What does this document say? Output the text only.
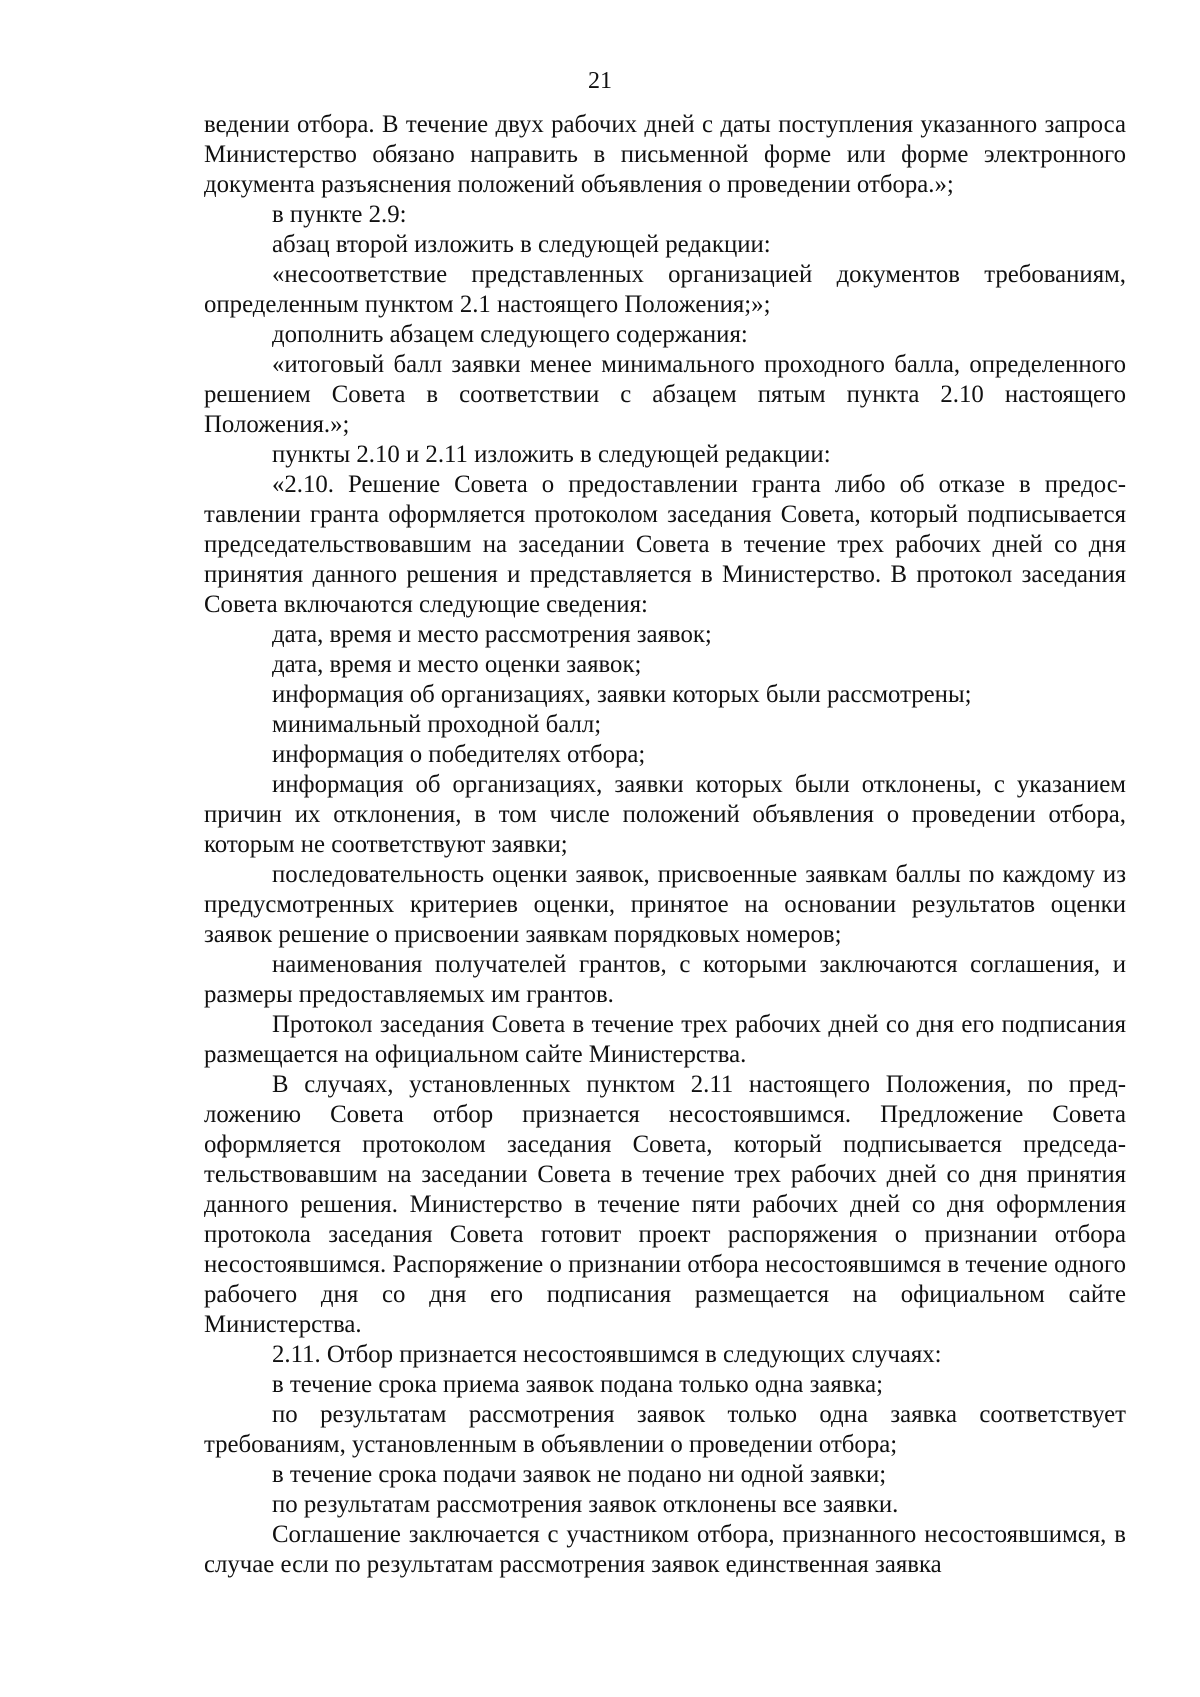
21

ведении отбора. В течение двух рабочих дней с даты поступления указанного запроса Министерство обязано направить в письменной форме или форме электронного документа разъяснения положений объявления о проведении отбора.»;

в пункте 2.9:

абзац второй изложить в следующей редакции:

«несоответствие представленных организацией документов требованиям, определенным пунктом 2.1 настоящего Положения;»;

дополнить абзацем следующего содержания:

«итоговый балл заявки менее минимального проходного балла, определенного решением Совета в соответствии с абзацем пятым пункта 2.10 настоящего Положения.»;

пункты 2.10 и 2.11 изложить в следующей редакции:

«2.10. Решение Совета о предоставлении гранта либо об отказе в предоставлении гранта оформляется протоколом заседания Совета, который подписывается председательствовавшим на заседании Совета в течение трех рабочих дней со дня принятия данного решения и представляется в Министерство. В протокол заседания Совета включаются следующие сведения:

дата, время и место рассмотрения заявок;

дата, время и место оценки заявок;

информация об организациях, заявки которых были рассмотрены;

минимальный проходной балл;

информация о победителях отбора;

информация об организациях, заявки которых были отклонены, с указанием причин их отклонения, в том числе положений объявления о проведении отбора, которым не соответствуют заявки;

последовательность оценки заявок, присвоенные заявкам баллы по каждому из предусмотренных критериев оценки, принятое на основании результатов оценки заявок решение о присвоении заявкам порядковых номеров;

наименования получателей грантов, с которыми заключаются соглашения, и размеры предоставляемых им грантов.

Протокол заседания Совета в течение трех рабочих дней со дня его подписания размещается на официальном сайте Министерства.

В случаях, установленных пунктом 2.11 настоящего Положения, по предложению Совета отбор признается несостоявшимся. Предложение Совета оформляется протоколом заседания Совета, который подписывается председательствовавшим на заседании Совета в течение трех рабочих дней со дня принятия данного решения. Министерство в течение пяти рабочих дней со дня оформления протокола заседания Совета готовит проект распоряжения о признании отбора несостоявшимся. Распоряжение о признании отбора несостоявшимся в течение одного рабочего дня со дня его подписания размещается на официальном сайте Министерства.

2.11. Отбор признается несостоявшимся в следующих случаях:

в течение срока приема заявок подана только одна заявка;

по результатам рассмотрения заявок только одна заявка соответствует требованиям, установленным в объявлении о проведении отбора;

в течение срока подачи заявок не подано ни одной заявки;

по результатам рассмотрения заявок отклонены все заявки.

Соглашение заключается с участником отбора, признанного несостоявшимся, в случае если по результатам рассмотрения заявок единственная заявка
